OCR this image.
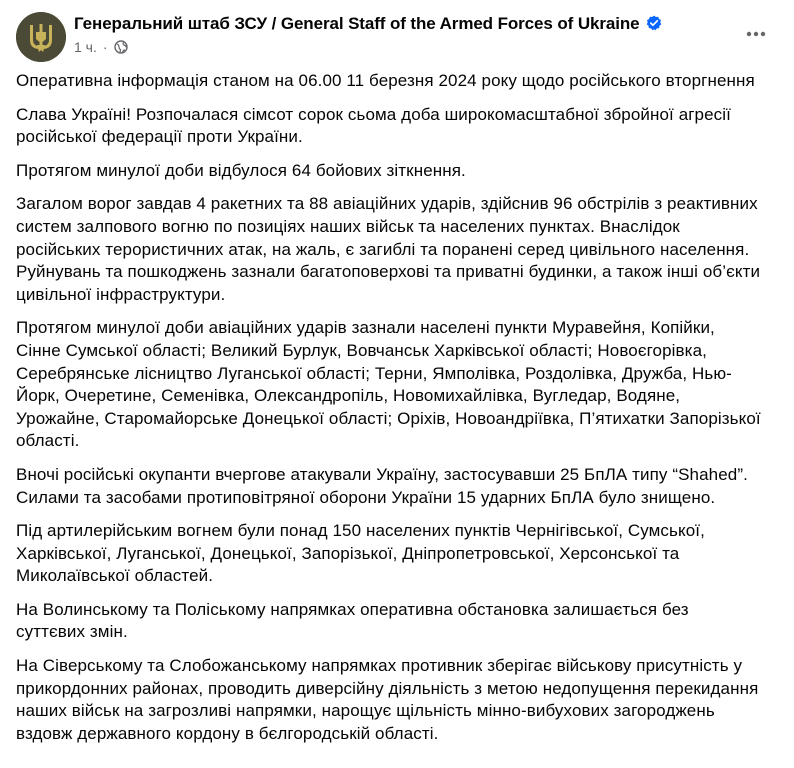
Генеральний штаб ЗСУ / General Staff of the Armed Forces of Ukraine
1 ч. ·

Оперативна інформація станом на 06.00 11 березня 2024 року щодо російського вторгнення

Слава Україні! Розпочалася сімсот сорок сьома доба широкомасштабної збройної агресії російської федерації проти України.

Протягом минулої доби відбулося 64 бойових зіткнення.

Загалом ворог завдав 4 ракетних та 88 авіаційних ударів, здійснив 96 обстрілів з реактивних систем залпового вогню по позиціях наших військ та населених пунктах. Внаслідок російських терористичних атак, на жаль, є загиблі та поранені серед цивільного населення. Руйнувань та пошкоджень зазнали багатоповерхові та приватні будинки, а також інші об’єкти цивільної інфраструктури.

Протягом минулої доби авіаційних ударів зазнали населені пункти Муравейня, Копійки, Сінне Сумської області; Великий Бурлук, Вовчанськ Харківської області; Новоєгорівка, Серебрянське лісництво Луганської області; Терни, Ямполівка, Роздолівка, Дружба, Нью-Йорк, Очеретине, Семенівка, Олександропіль, Новомихайлівка, Вугледар, Водяне, Урожайне, Старомайорське Донецької області; Оріхів, Новоандріївка, П’ятихатки Запорізької області.

Вночі російські окупанти вчергове атакували Україну, застосувавши 25 БпЛА типу “Shahed”. Силами та засобами протиповітряної оборони України 15 ударних БпЛА було знищено.

Під артилерійським вогнем були понад 150 населених пунктів Чернігівської, Сумської, Харківської, Луганської, Донецької, Запорізької, Дніпропетровської, Херсонської та Миколаївської областей.

На Волинському та Поліському напрямках оперативна обстановка залишається без суттєвих змін.

На Сіверському та Слобожанському напрямках противник зберігає військову присутність у прикордонних районах, проводить диверсійну діяльність з метою недопущення перекидання наших військ на загрозливі напрямки, нарощує щільність мінно-вибухових загороджень вздовж державного кордону в бєлгородській області.
